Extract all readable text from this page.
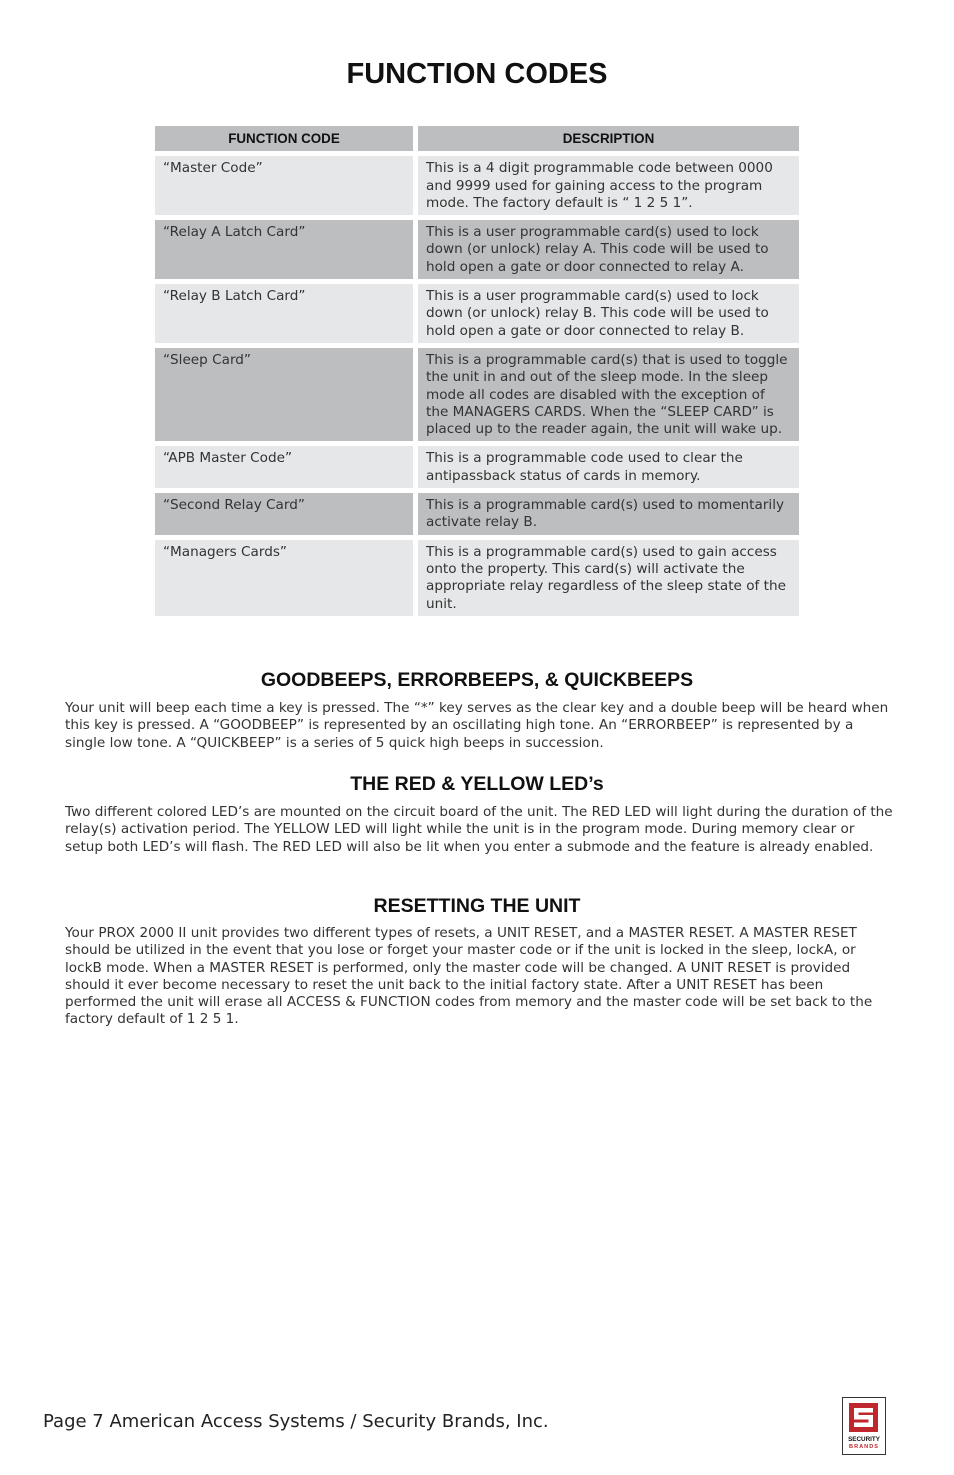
FUNCTION CODES
FUNCTION CODE	DESCRIPTION
“Master Code”	This is a 4 digit programmable code between 0000 and 9999 used for gaining access to the program mode. The factory default is “ 1 2 5 1”.
“Relay A Latch Card”	This is a user programmable card(s) used to lock down (or unlock) relay A. This code will be used to hold open a gate or door connected to relay A.
“Relay B Latch Card”	This is a user programmable card(s) used to lock down (or unlock) relay B. This code will be used to hold open a gate or door connected to relay B.
“Sleep Card”	This is a programmable card(s) that is used to toggle the unit in and out of the sleep mode. In the sleep mode all codes are disabled with the exception of the MANAGERS CARDS. When the “SLEEP CARD” is placed up to the reader again, the unit will wake up.
“APB Master Code”	This is a programmable code used to clear the antipassback status of cards in memory.
“Second Relay Card”	This is a programmable card(s) used to momentarily activate relay B.
“Managers Cards”	This is a programmable card(s) used to gain access onto the property. This card(s) will activate the appropriate relay regardless of the sleep state of the unit.
GOODBEEPS, ERRORBEEPS, & QUICKBEEPS
Your unit will beep each time a key is pressed. The “*” key serves as the clear key and a double beep will be heard when this key is pressed. A “GOODBEEP” is represented by an oscillating high tone. An “ERRORBEEP” is represented by a single low tone. A “QUICKBEEP” is a series of 5 quick high beeps in succession.
THE RED & YELLOW LED’s
Two different colored LED’s are mounted on the circuit board of the unit. The RED LED will light during the duration of the relay(s) activation period. The YELLOW LED will light while the unit is in the program mode. During memory clear or setup both LED’s will flash. The RED LED will also be lit when you enter a submode and the feature is already enabled.
RESETTING THE UNIT
Your PROX 2000 II unit provides two different types of resets, a UNIT RESET, and a MASTER RESET. A MASTER RESET should be utilized in the event that you lose or forget your master code or if the unit is locked in the sleep, lockA, or lockB mode. When a MASTER RESET is performed, only the master code will be changed. A UNIT RESET is provided should it ever become necessary to reset the unit back to the initial factory state. After a UNIT RESET has been performed the unit will erase all ACCESS & FUNCTION codes from memory and the master code will be set back to the factory default of 1 2 5 1.
Page 7 American Access Systems / Security Brands, Inc.
SECURITY
BRANDS
